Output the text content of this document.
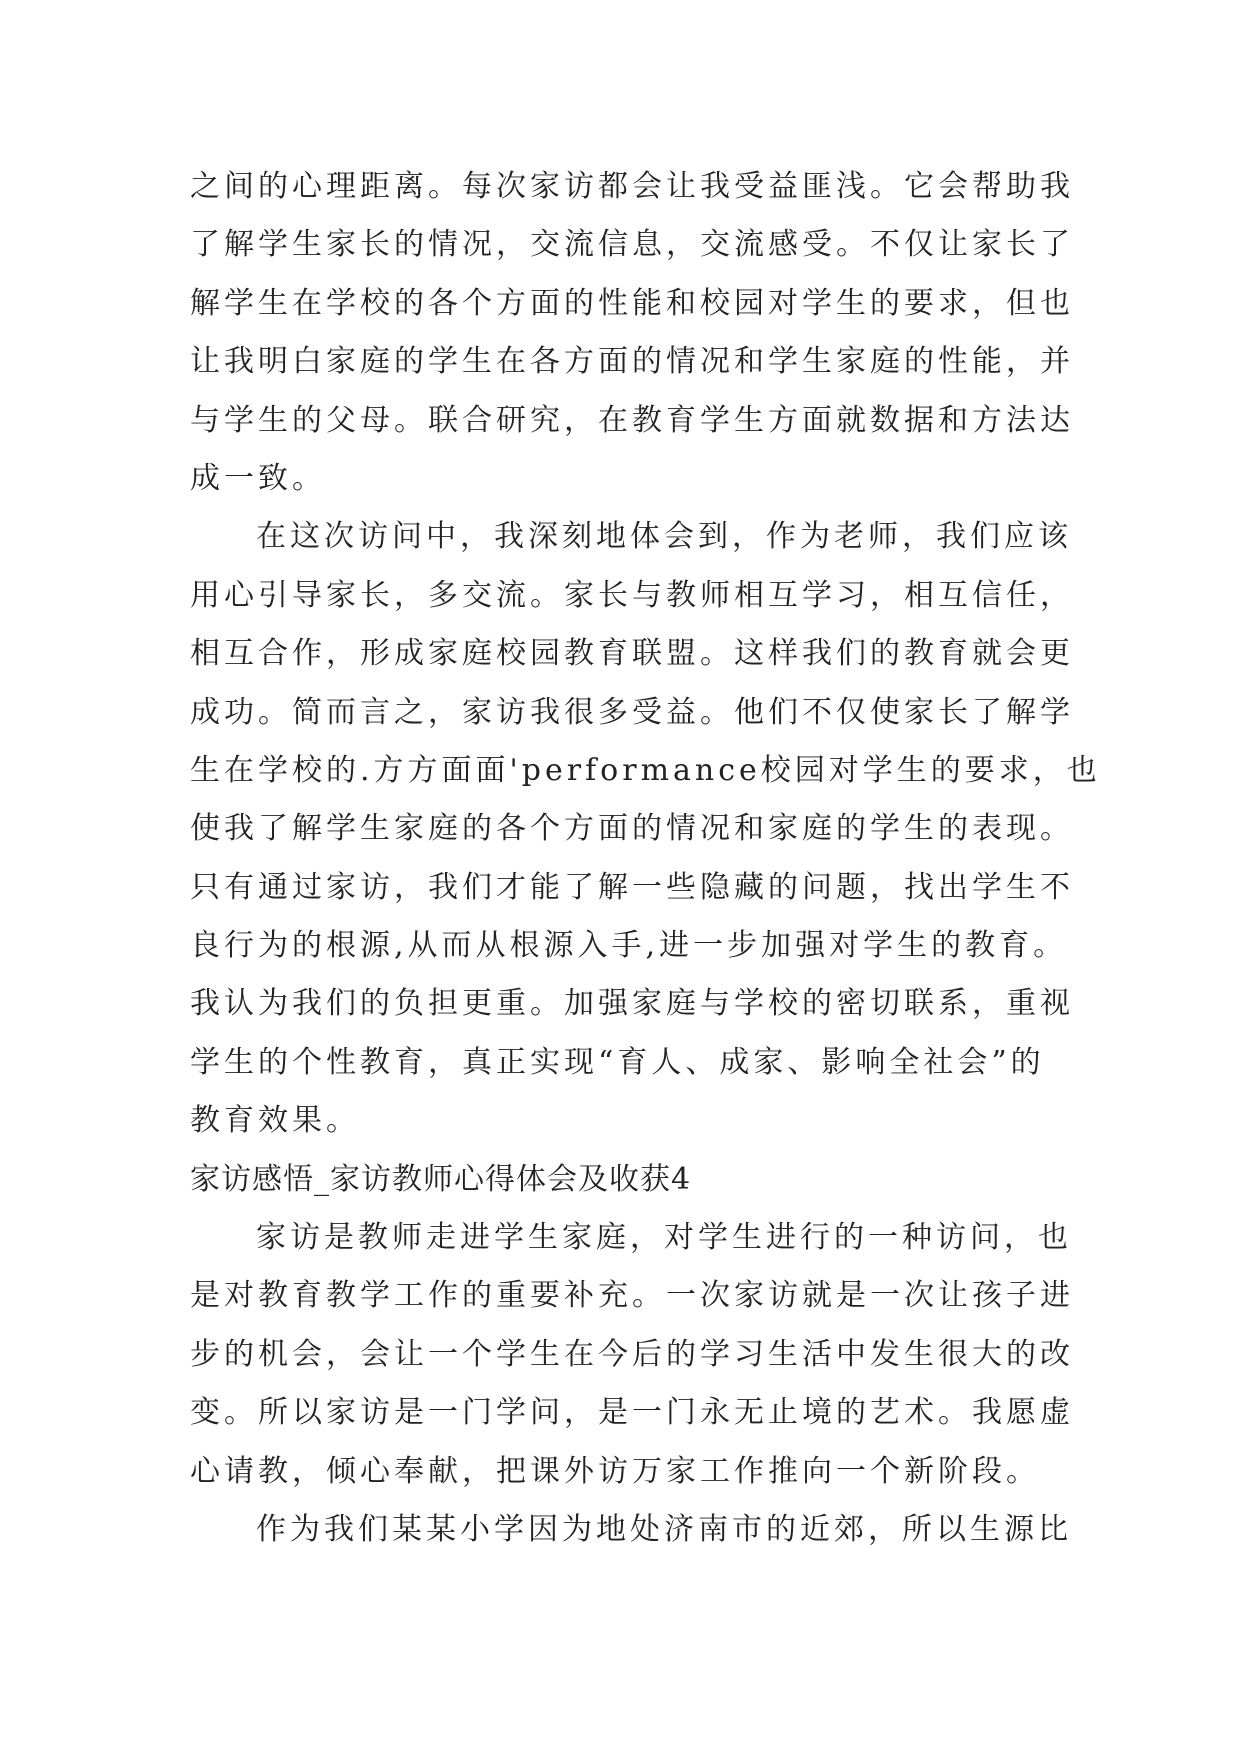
之间的心理距离。每次家访都会让我受益匪浅。它会帮助我
了解学生家长的情况，交流信息，交流感受。不仅让家长了
解学生在学校的各个方面的性能和校园对学生的要求，但也
让我明白家庭的学生在各方面的情况和学生家庭的性能，并
与学生的父母。联合研究，在教育学生方面就数据和方法达
成一致。
在这次访问中，我深刻地体会到，作为老师，我们应该
用心引导家长，多交流。家长与教师相互学习，相互信任，
相互合作，形成家庭校园教育联盟。这样我们的教育就会更
成功。简而言之，家访我很多受益。他们不仅使家长了解学
生在学校的.方方面面'performance校园对学生的要求，也
使我了解学生家庭的各个方面的情况和家庭的学生的表现。
只有通过家访，我们才能了解一些隐藏的问题，找出学生不
良行为的根源,从而从根源入手,进一步加强对学生的教育。
我认为我们的负担更重。加强家庭与学校的密切联系，重视
学生的个性教育，真正实现“育人、成家、影响全社会”的
教育效果。
家访感悟_家访教师心得体会及收获4
家访是教师走进学生家庭，对学生进行的一种访问，也
是对教育教学工作的重要补充。一次家访就是一次让孩子进
步的机会，会让一个学生在今后的学习生活中发生很大的改
变。所以家访是一门学问，是一门永无止境的艺术。我愿虚
心请教，倾心奉献，把课外访万家工作推向一个新阶段。
作为我们某某小学因为地处济南市的近郊，所以生源比
